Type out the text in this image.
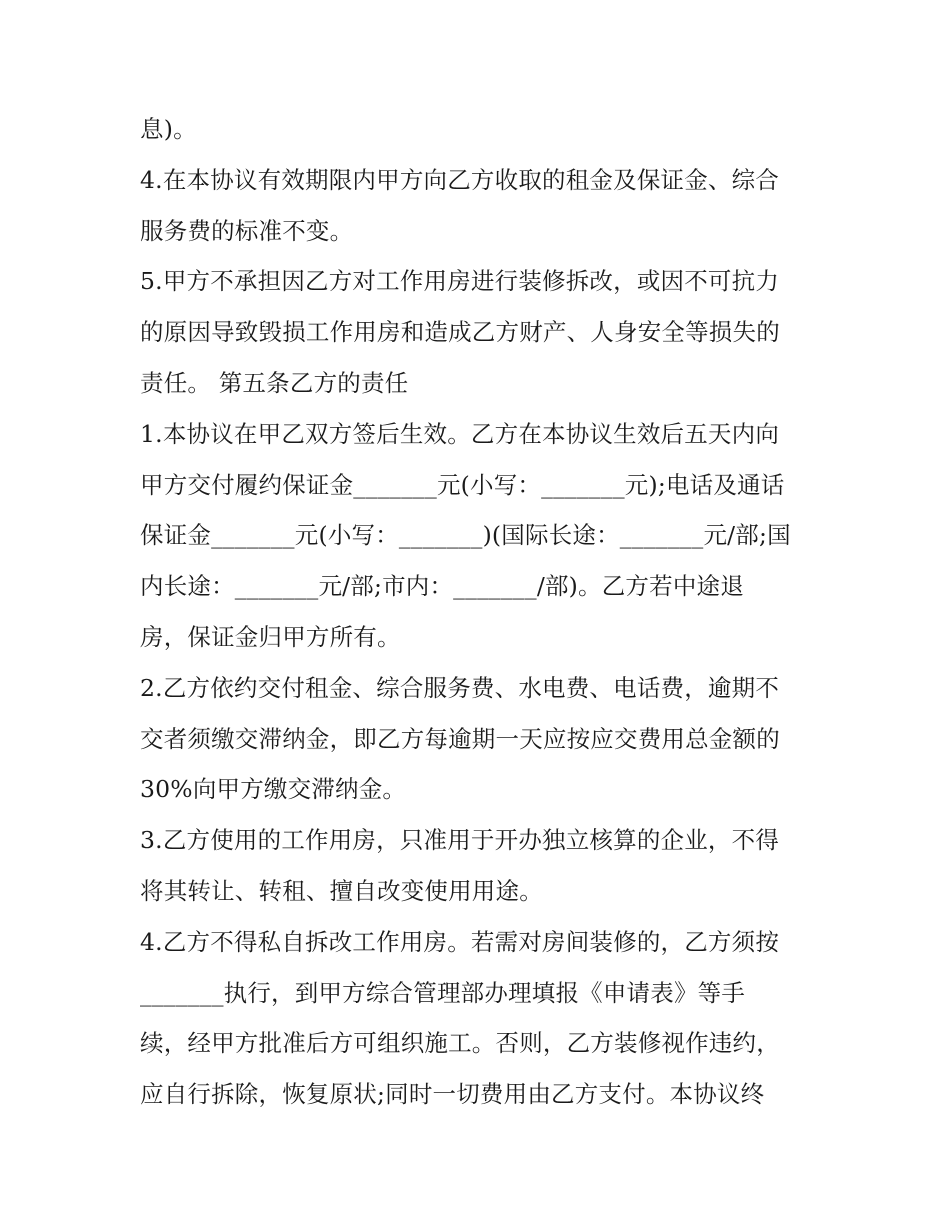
息)。
4.在本协议有效期限内甲方向乙方收取的租金及保证金、综合
服务费的标准不变。
5.甲方不承担因乙方对工作用房进行装修拆改，或因不可抗力
的原因导致毁损工作用房和造成乙方财产、人身安全等损失的
责任。 第五条乙方的责任
1.本协议在甲乙双方签后生效。乙方在本协议生效后五天内向
甲方交付履约保证金_______元(小写：_______元);电话及通话
保证金_______元(小写：_______)(国际长途：_______元/部;国
内长途：_______元/部;市内：_______/部)。乙方若中途退
房，保证金归甲方所有。
2.乙方依约交付租金、综合服务费、水电费、电话费，逾期不
交者须缴交滞纳金，即乙方每逾期一天应按应交费用总金额的
30%向甲方缴交滞纳金。
3.乙方使用的工作用房，只准用于开办独立核算的企业，不得
将其转让、转租、擅自改变使用用途。
4.乙方不得私自拆改工作用房。若需对房间装修的，乙方须按
_______执行，到甲方综合管理部办理填报《申请表》等手
续，经甲方批准后方可组织施工。否则，乙方装修视作违约，
应自行拆除，恢复原状;同时一切费用由乙方支付。本协议终
